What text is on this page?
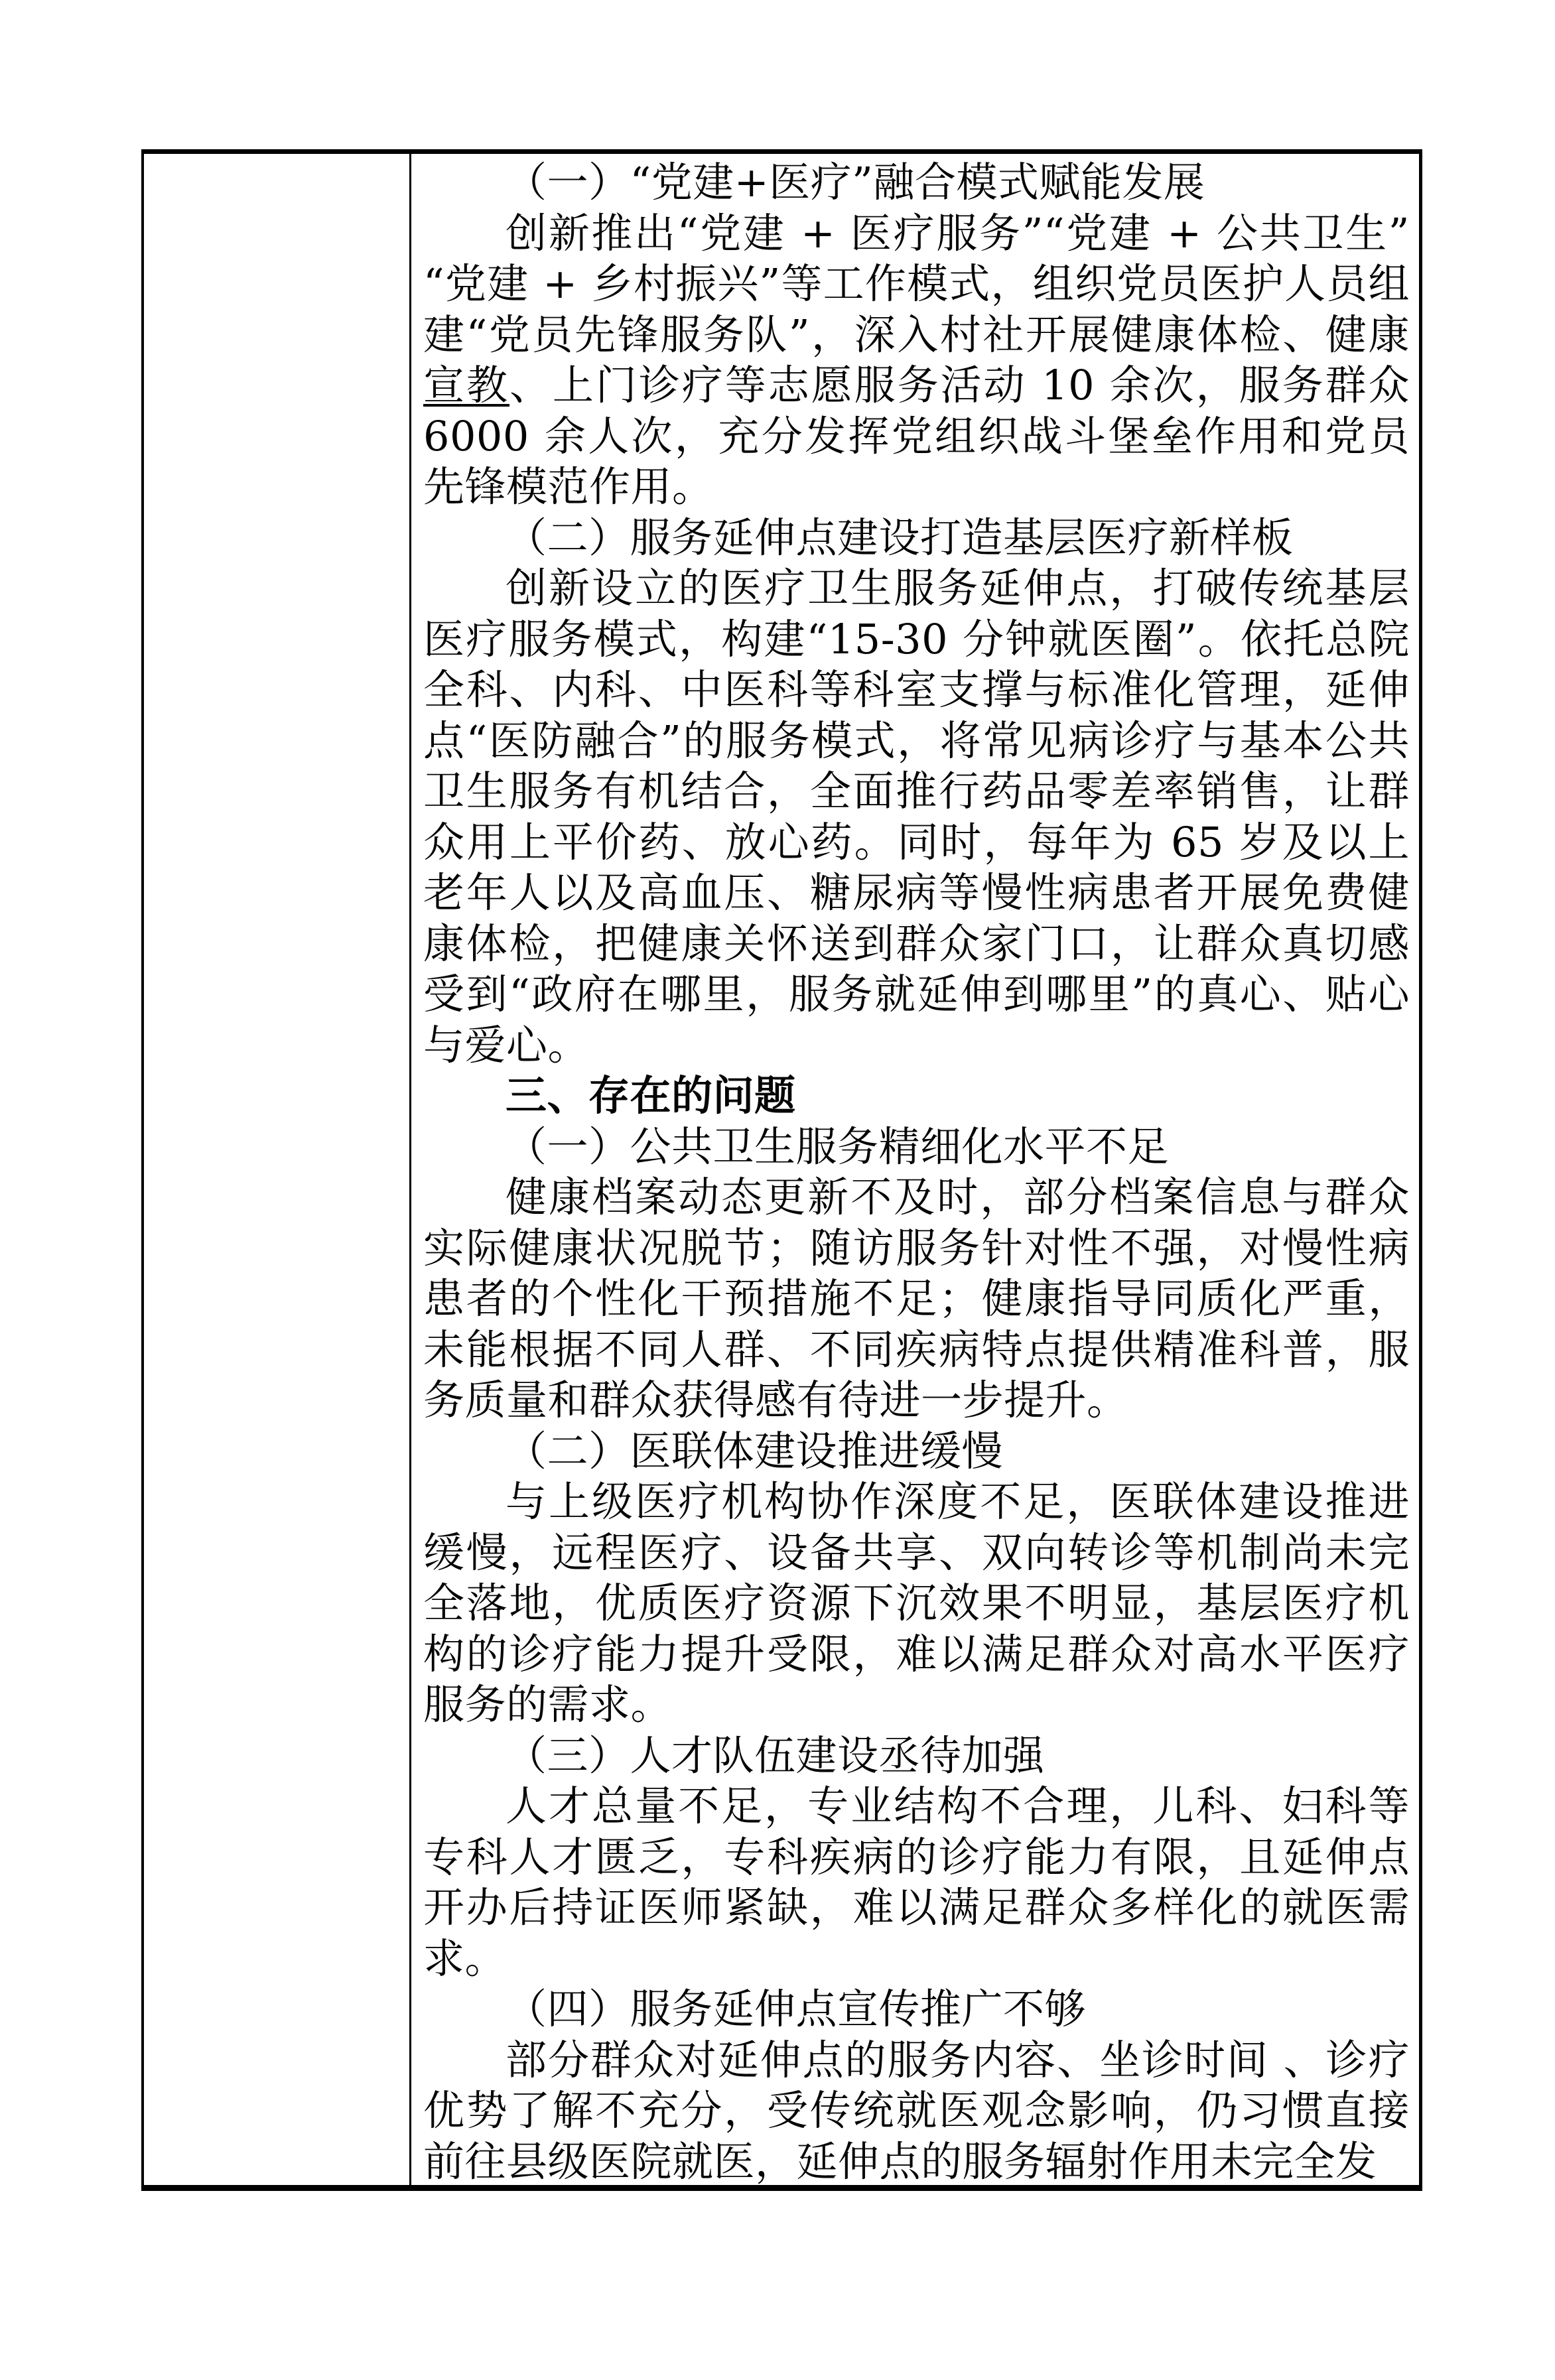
（一）“党建+医疗”融合模式赋能发展

创新推出“党建 + 医疗服务”“党建 + 公共卫生”“党建 + 乡村振兴”等工作模式，组织党员医护人员组建“党员先锋服务队”，深入村社开展健康体检、健康宣教、上门诊疗等志愿服务活动 10 余次，服务群众 6000 余人次，充分发挥党组织战斗堡垒作用和党员先锋模范作用。

（二）服务延伸点建设打造基层医疗新样板

创新设立的医疗卫生服务延伸点，打破传统基层医疗服务模式，构建“15-30 分钟就医圈”。依托总院全科、内科、中医科等科室支撑与标准化管理，延伸点“医防融合”的服务模式，将常见病诊疗与基本公共卫生服务有机结合，全面推行药品零差率销售，让群众用上平价药、放心药。同时，每年为 65 岁及以上老年人以及高血压、糖尿病等慢性病患者开展免费健康体检，把健康关怀送到群众家门口，让群众真切感受到“政府在哪里，服务就延伸到哪里”的真心、贴心与爱心。

三、存在的问题

（一）公共卫生服务精细化水平不足

健康档案动态更新不及时，部分档案信息与群众实际健康状况脱节；随访服务针对性不强，对慢性病患者的个性化干预措施不足；健康指导同质化严重，未能根据不同人群、不同疾病特点提供精准科普，服务质量和群众获得感有待进一步提升。

（二）医联体建设推进缓慢

与上级医疗机构协作深度不足，医联体建设推进缓慢，远程医疗、设备共享、双向转诊等机制尚未完全落地，优质医疗资源下沉效果不明显，基层医疗机构的诊疗能力提升受限，难以满足群众对高水平医疗服务的需求。

（三）人才队伍建设丞待加强

人才总量不足，专业结构不合理，儿科、妇科等专科人才匮乏，专科疾病的诊疗能力有限，且延伸点开办后持证医师紧缺，难以满足群众多样化的就医需求。

（四）服务延伸点宣传推广不够

部分群众对延伸点的服务内容、坐诊时间 、诊疗优势了解不充分，受传统就医观念影响，仍习惯直接前往县级医院就医，延伸点的服务辐射作用未完全发
